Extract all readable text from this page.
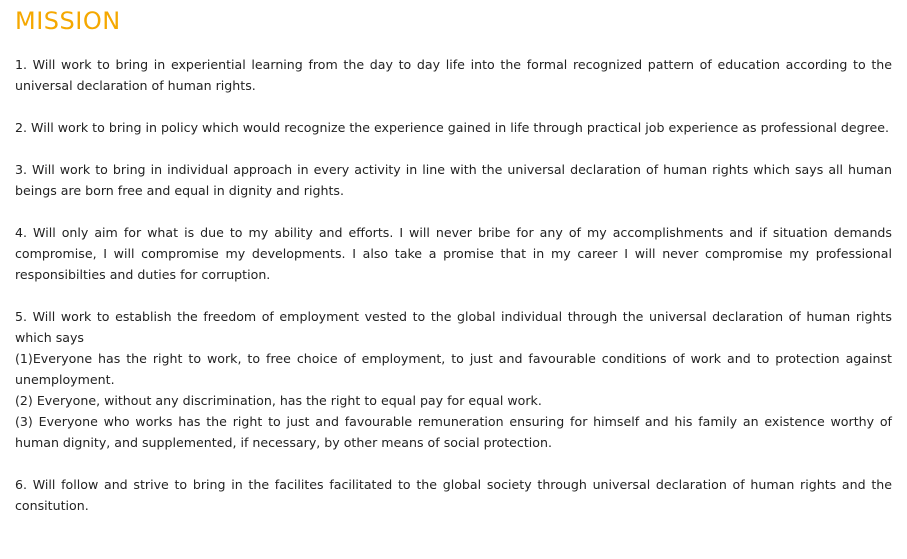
MISSION

1. Will work to bring in experiential learning from the day to day life into the formal recognized pattern of education according to the universal declaration of human rights.

2. Will work to bring in policy which would recognize the experience gained in life through practical job experience as professional degree.

3. Will work to bring in individual approach in every activity in line with the universal declaration of human rights which says all human beings are born free and equal in dignity and rights.

4. Will only aim for what is due to my ability and efforts. I will never bribe for any of my accomplishments and if situation demands compromise, I will compromise my developments. I also take a promise that in my career I will never compromise my professional responsibilties and duties for corruption.

5. Will work to establish the freedom of employment vested to the global individual through the universal declaration of human rights which says
(1)Everyone has the right to work, to free choice of employment, to just and favourable conditions of work and to protection against unemployment.
(2) Everyone, without any discrimination, has the right to equal pay for equal work.
(3) Everyone who works has the right to just and favourable remuneration ensuring for himself and his family an existence worthy of human dignity, and supplemented, if necessary, by other means of social protection.

6. Will follow and strive to bring in the facilites facilitated to the global society through universal declaration of human rights and the consitution.
